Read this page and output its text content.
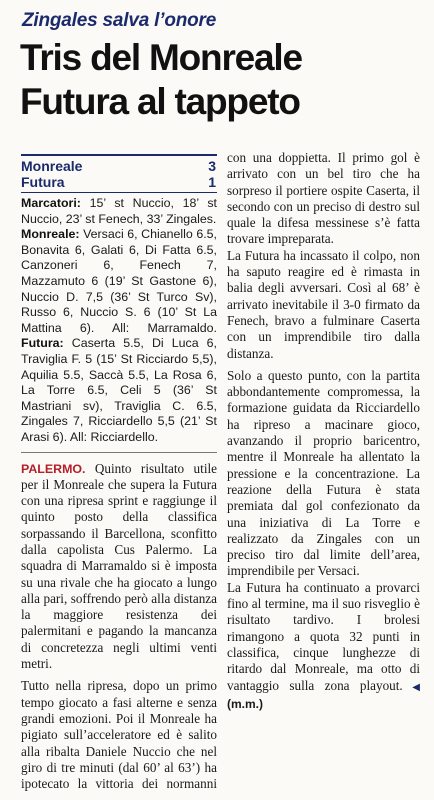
Zingales salva l’onore
Tris del Monreale
Futura al tappeto
Monreale	3
Futura	1

Marcatori: 15’ st Nuccio, 18’ st Nuccio, 23’ st Fenech, 33’ Zingales.

Monreale: Versaci 6, Chianello 6.5, Bonavita 6, Galati 6, Di Fatta 6.5, Canzoneri 6, Fenech 7, Mazzamuto 6 (19’ St Gastone 6), Nuccio D. 7,5 (36’ St Turco Sv), Russo 6, Nuccio S. 6 (10’ St La Mattina 6). All: Marramaldo. Futura: Caserta 5.5, Di Luca 6, Traviglia F. 5 (15’ St Ricciardo 5,5), Aquilia 5.5, Saccà 5.5, La Rosa 6, La Torre 6.5, Celi 5 (36’ St Mastriani sv), Traviglia C. 6.5, Zingales 7, Ricciardello 5,5 (21’ St Arasi 6). All: Ricciardello.

PALERMO. Quinto risultato utile per il Monreale che supera la Futura con una ripresa sprint e raggiunge il quinto posto della classifica sorpassando il Barcellona, sconfitto dalla capolista Cus Palermo. La squadra di Marramaldo si è imposta su una rivale che ha giocato a lungo alla pari, soffrendo però alla distanza la maggiore resistenza dei palermitani e pagando la mancanza di concretezza negli ultimi venti metri.

Tutto nella ripresa, dopo un primo tempo giocato a fasi alterne e senza grandi emozioni. Poi il Monreale ha pigiato sull’acceleratore ed è salito alla ribalta Daniele Nuccio che nel giro di tre minuti (dal 60’ al 63’) ha ipotecato la vittoria dei normanni

con una doppietta. Il primo gol è arrivato con un bel tiro che ha sorpreso il portiere ospite Caserta, il secondo con un preciso di destro sul quale la difesa messinese s’è fatta trovare impreparata.

La Futura ha incassato il colpo, non ha saputo reagire ed è rimasta in balia degli avversari. Così al 68’ è arrivato inevitabile il 3-0 firmato da Fenech, bravo a fulminare Caserta con un imprendibile tiro dalla distanza.

Solo a questo punto, con la partita abbondantemente compromessa, la formazione guidata da Ricciardello ha ripreso a macinare gioco, avanzando il proprio baricentro, mentre il Monreale ha allentato la pressione e la concentrazione. La reazione della Futura è stata premiata dal gol confezionato da una iniziativa di La Torre e realizzato da Zingales con un preciso tiro dal limite dell’area, imprendibile per Versaci.

La Futura ha continuato a provarci fino al termine, ma il suo risveglio è risultato tardivo. I brolesi rimangono a quota 32 punti in classifica, cinque lunghezze di ritardo dal Monreale, ma otto di vantaggio sulla zona playout. ◀ (m.m.)
